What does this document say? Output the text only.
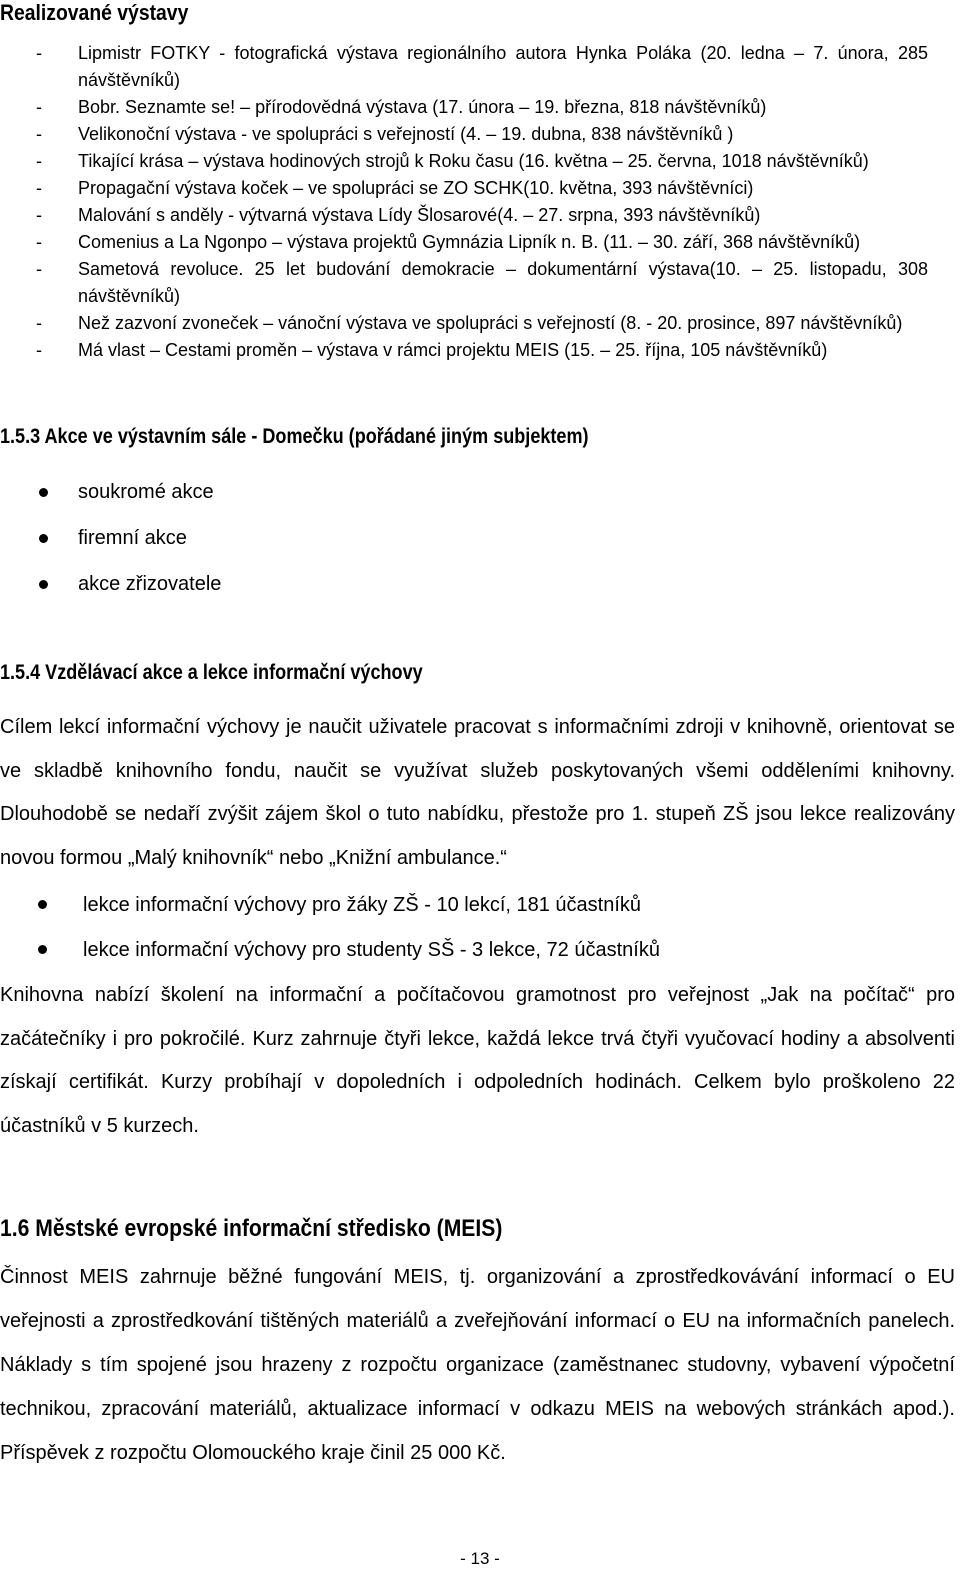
Realizované výstavy
- Lipmistr FOTKY - fotografická výstava regionálního autora Hynka Poláka (20. ledna – 7. února, 285 návštěvníků)
- Bobr. Seznamte se! – přírodovědná výstava (17. února – 19. března, 818 návštěvníků)
- Velikonoční výstava - ve spolupráci s veřejností (4. – 19. dubna, 838 návštěvníků )
- Tikající krása – výstava hodinových strojů k Roku času (16. května – 25. června, 1018 návštěvníků)
- Propagační výstava koček – ve spolupráci se ZO SCHK(10. května, 393 návštěvníci)
- Malování s anděly - výtvarná výstava Lídy Šlosarové(4. – 27. srpna, 393 návštěvníků)
- Comenius a La Ngonpo – výstava projektů Gymnázia Lipník n. B. (11. – 30. září, 368 návštěvníků)
- Sametová revoluce. 25 let budování demokracie – dokumentární výstava(10. – 25. listopadu, 308 návštěvníků)
- Než zazvoní zvoneček – vánoční výstava ve spolupráci s veřejností (8. - 20. prosince, 897 návštěvníků)
- Má vlast – Cestami proměn – výstava v rámci projektu MEIS (15. – 25. října, 105 návštěvníků)
1.5.3 Akce ve výstavním sále - Domečku (pořádané jiným subjektem)
soukromé akce
firemní akce
akce zřizovatele
1.5.4 Vzdělávací akce a lekce informační výchovy

Cílem lekcí informační výchovy je naučit uživatele pracovat s informačními zdroji v knihovně, orientovat se ve skladbě knihovního fondu, naučit se využívat služeb poskytovaných všemi odděleními knihovny. Dlouhodobě se nedaří zvýšit zájem škol o tuto nabídku, přestože pro 1. stupeň ZŠ jsou lekce realizovány novou formou „Malý knihovník“ nebo „Knižní ambulance.“

lekce informační výchovy pro žáky ZŠ - 10 lekcí, 181 účastníků
lekce informační výchovy pro studenty SŠ - 3 lekce, 72 účastníků

Knihovna nabízí školení na informační a počítačovou gramotnost pro veřejnost „Jak na počítač“ pro začátečníky i pro pokročilé. Kurz zahrnuje čtyři lekce, každá lekce trvá čtyři vyučovací hodiny a absolventi získají certifikát. Kurzy probíhají v dopoledních i odpoledních hodinách. Celkem bylo proškoleno 22 účastníků v 5 kurzech.

1.6 Městské evropské informační středisko (MEIS)

Činnost MEIS zahrnuje běžné fungování MEIS, tj. organizování a zprostředkovávání informací o EU veřejnosti a zprostředkování tištěných materiálů a zveřejňování informací o EU na informačních panelech. Náklady s tím spojené jsou hrazeny z rozpočtu organizace (zaměstnanec studovny, vybavení výpočetní technikou, zpracování materiálů, aktualizace informací v odkazu MEIS na webových stránkách apod.). Příspěvek z rozpočtu Olomouckého kraje činil 25 000 Kč.

- 13 -
